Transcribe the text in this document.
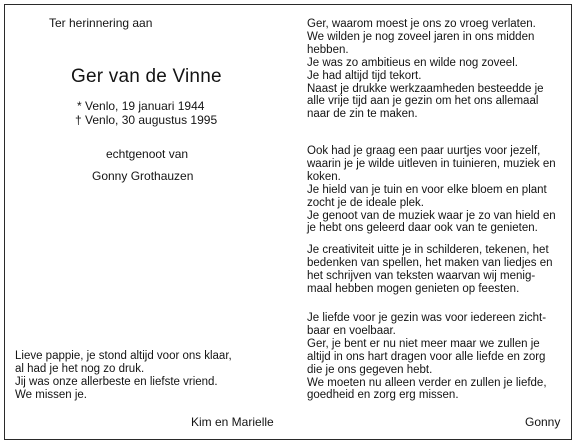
Ter herinnering aan
Ger van de Vinne
* Venlo, 19 januari 1944
† Venlo, 30 augustus 1995
echtgenoot van
Gonny Grothauzen
Lieve pappie, je stond altijd voor ons klaar,
al had je het nog zo druk.
Jij was onze allerbeste en liefste vriend.
We missen je.
Kim en Marielle
Ger, waarom moest je ons zo vroeg verlaten.
We wilden je nog zoveel jaren in ons midden
hebben.
Je was zo ambitieus en wilde nog zoveel.
Je had altijd tijd tekort.
Naast je drukke werkzaamheden besteedde je
alle vrije tijd aan je gezin om het ons allemaal
naar de zin te maken.
Ook had je graag een paar uurtjes voor jezelf,
waarin je je wilde uitleven in tuinieren, muziek en
koken.
Je hield van je tuin en voor elke bloem en plant
zocht je de ideale plek.
Je genoot van de muziek waar je zo van hield en
je hebt ons geleerd daar ook van te genieten.
Je creativiteit uitte je in schilderen, tekenen, het
bedenken van spellen, het maken van liedjes en
het schrijven van teksten waarvan wij menig-
maal hebben mogen genieten op feesten.
Je liefde voor je gezin was voor iedereen zicht-
baar en voelbaar.
Ger, je bent er nu niet meer maar we zullen je
altijd in ons hart dragen voor alle liefde en zorg
die je ons gegeven hebt.
We moeten nu alleen verder en zullen je liefde,
goedheid en zorg erg missen.
Gonny
